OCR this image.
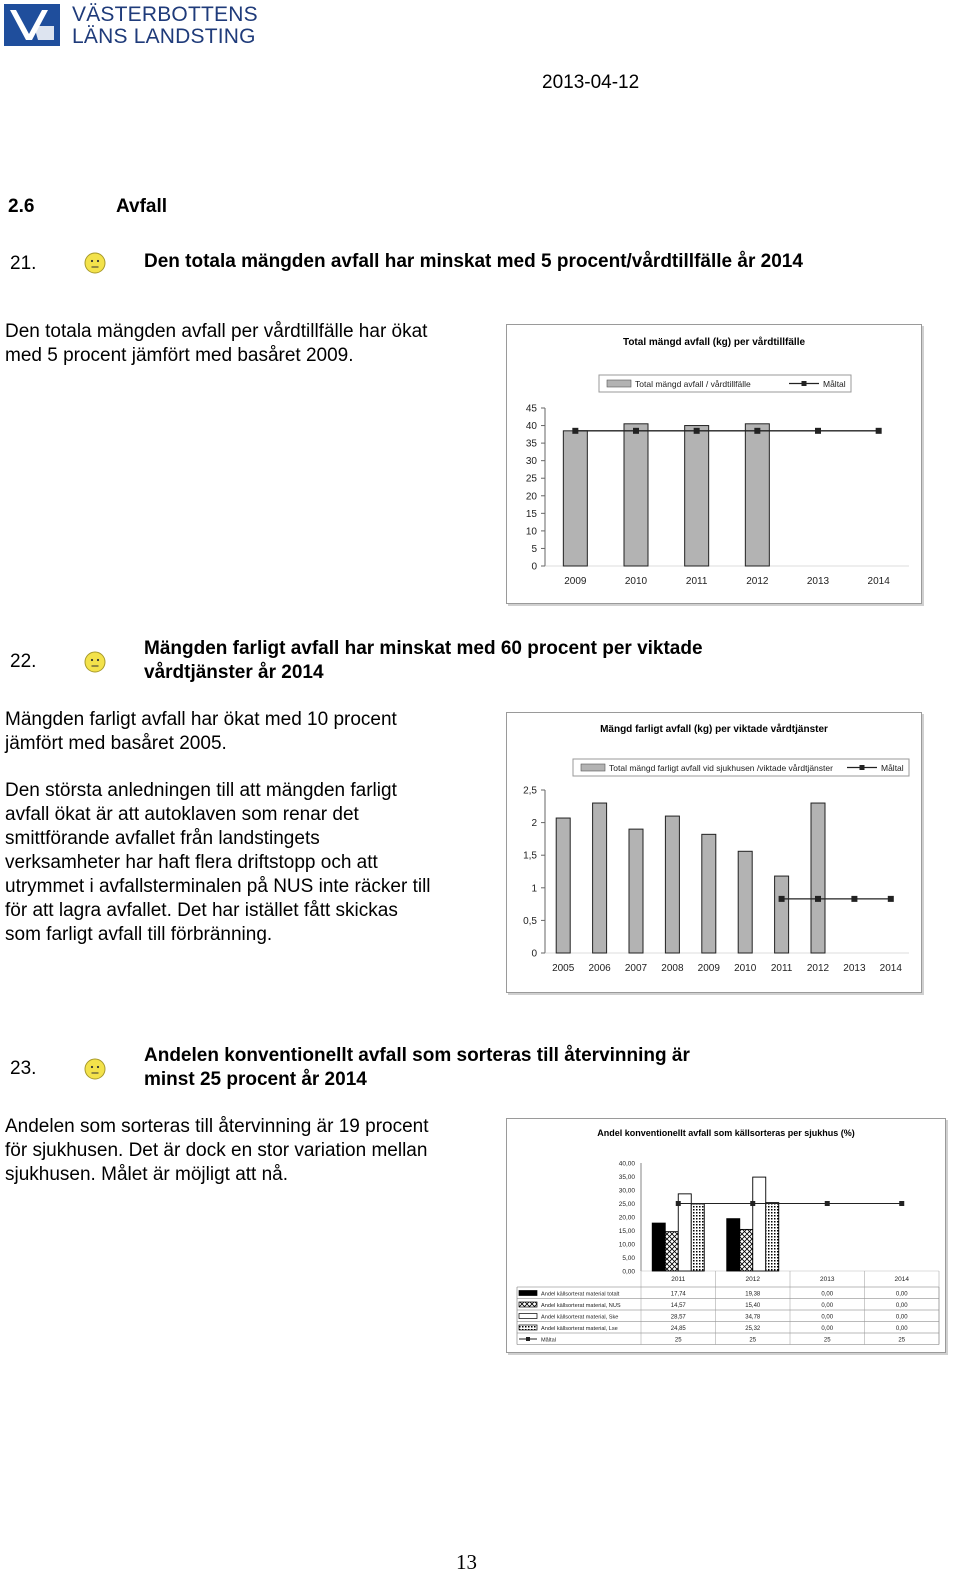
VÄSTERBOTTENS
LÄNS LANDSTING
2013-04-12
2.6	Avfall
21.	Den totala mängden avfall har minskat med 5 procent/vårdtillfälle år 2014
Den totala mängden avfall per vårdtillfälle har ökat med 5 procent jämfört med basåret 2009.
Total mängd avfall (kg) per vårdtillfälle
Total mängd avfall / vårdtillfälle	Måltal
45
40
35
30
25
20
15
10
5
0
2009	2010	2011	2012	2013	2014
22.
Mängden farligt avfall har minskat med 60 procent per viktade
vårdtjänster år 2014
Mängden farligt avfall har ökat med 10 procent jämfört med basåret 2005.
Den största anledningen till att mängden farligt avfall ökat är att autoklaven som renar det smittförande avfallet från landstingets verksamheter har haft flera driftstopp och att utrymmet i avfallsterminalen på NUS inte räcker till för att lagra avfallet. Det har istället fått skickas som farligt avfall till förbränning.
Mängd farligt avfall (kg) per viktade vårdtjänster
Total mängd farligt avfall vid sjukhusen /viktade vårdtjänster	Måltal
2,5
2
1,5
1
0,5
0
2005 2006 2007 2008 2009 2010 2011 2012 2013 2014
23.
Andelen konventionellt avfall som sorteras till återvinning är
minst 25 procent år 2014
Andelen som sorteras till återvinning är 19 procent för sjukhusen. Det är dock en stor variation mellan sjukhusen. Målet är möjligt att nå.
Andel konventionellt avfall som källsorteras per sjukhus (%)
40,00
35,00
30,00
25,00
20,00
15,00
10,00
5,00
0,00
2011	2012	2013	2014
Andel källsorterat material totalt	17,74	19,38	0,00	0,00
Andel källsorterat material, NUS	14,57	15,40	0,00	0,00
Andel källsorterat material, Ske	28,57	34,78	0,00	0,00
Andel källsorterat material, Lse	24,85	25,32	0,00	0,00
Måltal	25	25	25	25
13
